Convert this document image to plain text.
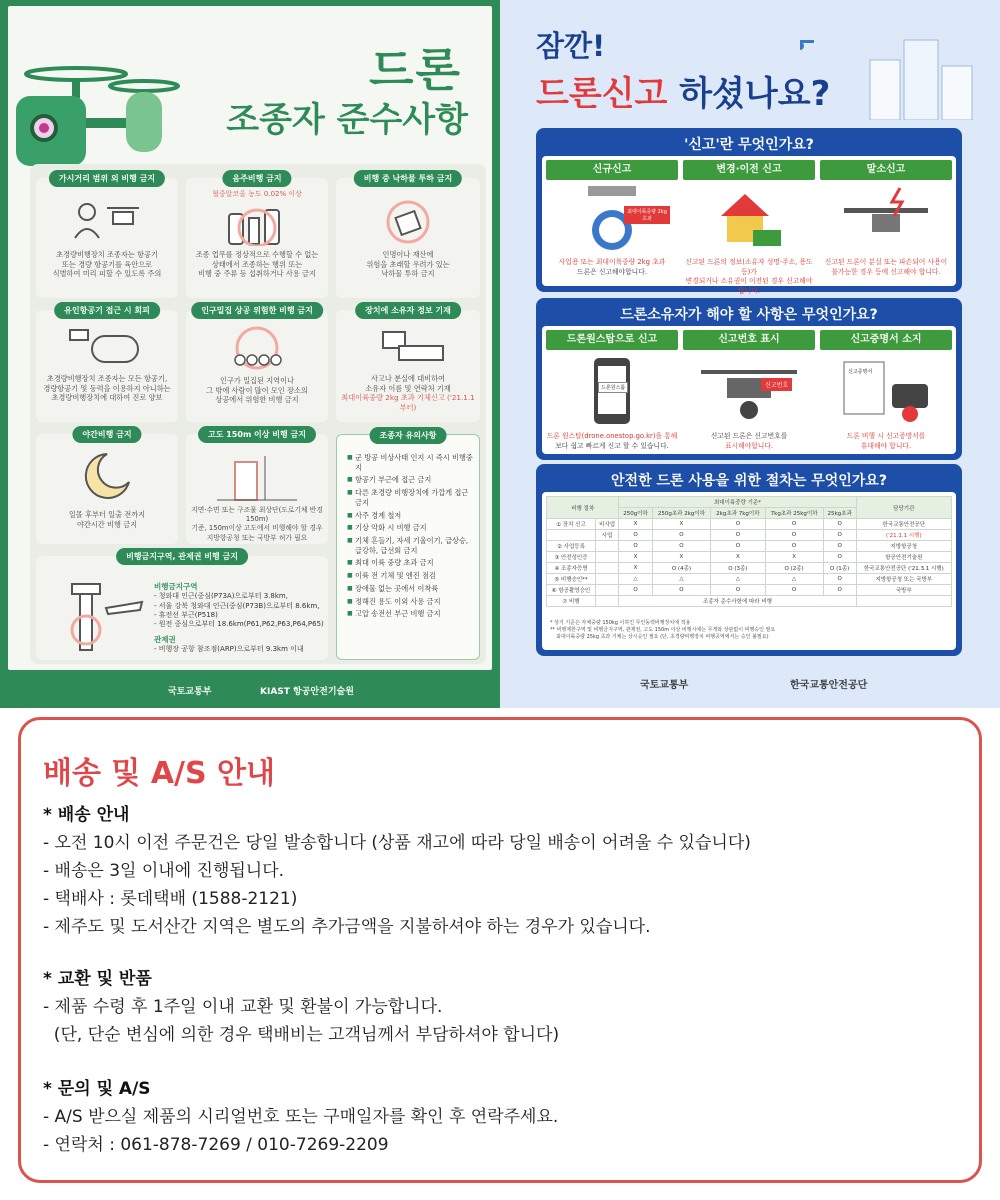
드론
조종자 준수사항
가시거리 범위 외 비행 금지
초경량비행장치 조종자는 항공기
또는 경량 항공기를 육안으로
식별하여 미리 피할 수 있도록 주의
음주비행 금지
혈중알코올 농도 0.02% 이상
조종 업무를 정상적으로 수행할 수 없는
상태에서 조종하는 행위 또는
비행 중 주류 등 섭취하거나 사용 금지
비행 중 낙하물 투하 금지
인명이나 재산에
위험을 초래할 우려가 있는
낙하물 투하 금지
유인항공기 접근 시 회피
초경량비행장치 조종자는 모든 항공기,
경량항공기 및 동력을 이용하지 아니하는
초경량비행장치에 대하여 진로 양보
인구밀집 상공 위험한 비행 금지
인구가 밀집된 지역이나
그 밖에 사람이 많이 모인 장소의
상공에서 위험한 비행 금지
장치에 소유자 정보 기재
사고나 분실에 대비하여
소유자 이름 및 연락처 기재
최대이륙중량 2kg 초과 기체신고 ('21.1.1부터)
야간비행 금지
일몰 후부터 일출 전까지
야간시간 비행 금지
고도 150m 이상 비행 금지
지면·수면 또는 구조물 최상단(도로기체 반경150m)
기준, 150m이상 고도에서 비행해야 할 경우
지방항공청 또는 국방부 허가 필요
조종자 유의사항
■ 군 방공 비상사태 인지 시 즉시 비행중지
■ 항공기 부근에 접근 금지
■ 다른 초경량 비행장치에 가깝게 접근 금지
■ 사주 경계 철저
■ 기상 악화 시 비행 금지
■ 기체 흔들기, 자세 기울이기, 급상승, 급강하, 급선회 금지
■ 최대 이륙 중량 초과 금지
■ 이륙 전 기체 및 엔진 점검
■ 장애물 없는 곳에서 이착륙
■ 정해진 용도 이외 사용 금지
■ 고압 송전선 부근 비행 금지
비행금지구역, 관제권 비행 금지
비행금지구역
- 청와대 인근(중심(P73A)으로부터 3.8km,
- 서울 강북 청와대 인근(중심(P73B)으로부터 8.6km,
- 휴전선 부근(P518)
- 원전 중심으로부터 18.6km(P61,P62,P63,P64,P65)
관제권
- 비행장 공항 참조점(ARP)으로부터 9.3km 이내
국토교통부	KIAST 항공안전기술원
잠깐!
드론신고 하셨나요?
'신고'란 무엇인가요?
신규신고
최대이륙중량 2kg 초과
사업용 또는 최대이륙중량 2kg 초과
드론은 신고해야합니다.
변경·이전 신고
신고된 드론의 정보(소유자 성명·주소, 용도 등)가
변경되거나 소유권이 이전된 경우 신고해야합니다.
말소신고
신고된 드론이 분실 또는 파손되어 사용이
불가능한 경우 등에 신고해야 합니다.
드론소유자가 해야 할 사항은 무엇인가요?
드론원스탑으로 신고
드론원스톱
드론 원스탑(drone.onestop.go.kr)을 통해
보다 쉽고 빠르게 신고 할 수 있습니다.
신고번호 표시
신고번호
신고된 드론은 신고번호를
표시해야합니다.
신고증명서 소지
신고증명서
드론 비행 시 신고증명서를
휴대해야 합니다.
안전한 드론 사용을 위한 절차는 무엇인가요?
비행 절차		최대이륙중량 기준*					담당기관
		250g이하	250g초과 2kg이하	2kg초과 7kg이하	7kg초과 25kg이하	25kg초과	
① 장치 신고	비사업	X	X	O	O	O	한국교통안전공단
	사업	O	O	O	O	O	('21.1.1 시행)
② 사업등록		O	O	O	O	O	지방항공청
③ 안전성인증		X	X	X	X	O	항공안전기술원
④ 조종자증명		X	O (4종)	O (3종)	O (2종)	O (1종)	한국교통안전공단 ('21.3.1 시행)
⑤ 비행승인**		△	△	△	△	O	지방항공청 또는 국방부
⑥ 항공촬영승인		O	O	O	O	O	국방부
⑦ 비행		조종자 준수사항에 따라 비행					
* 상기 기준은 자체중량 150kg 이하인 무인동력비행장치에 적용
** 비행제한구역 및 비행금지구역, 관제권, 고도 150m 이상 비행시에는 무게와 상관없이 비행승인 필요
최대이륙중량 25kg 초과 기체는 상시승인 필요 (단, 초경량비행장치 비행공역에서는 승인 불필요)
국토교통부	한국교통안전공단
배송 및 A/S 안내
* 배송 안내
- 오전 10시 이전 주문건은 당일 발송합니다 (상품 재고에 따라 당일 배송이 어려울 수 있습니다)
- 배송은 3일 이내에 진행됩니다.
- 택배사 : 롯데택배 (1588-2121)
- 제주도 및 도서산간 지역은 별도의 추가금액을 지불하셔야 하는 경우가 있습니다.
* 교환 및 반품
- 제품 수령 후 1주일 이내 교환 및 환불이 가능합니다.
(단, 단순 변심에 의한 경우 택배비는 고객님께서 부담하셔야 합니다)
* 문의 및 A/S
- A/S 받으실 제품의 시리얼번호 또는 구매일자를 확인 후 연락주세요.
- 연락처 : 061-878-7269 / 010-7269-2209
